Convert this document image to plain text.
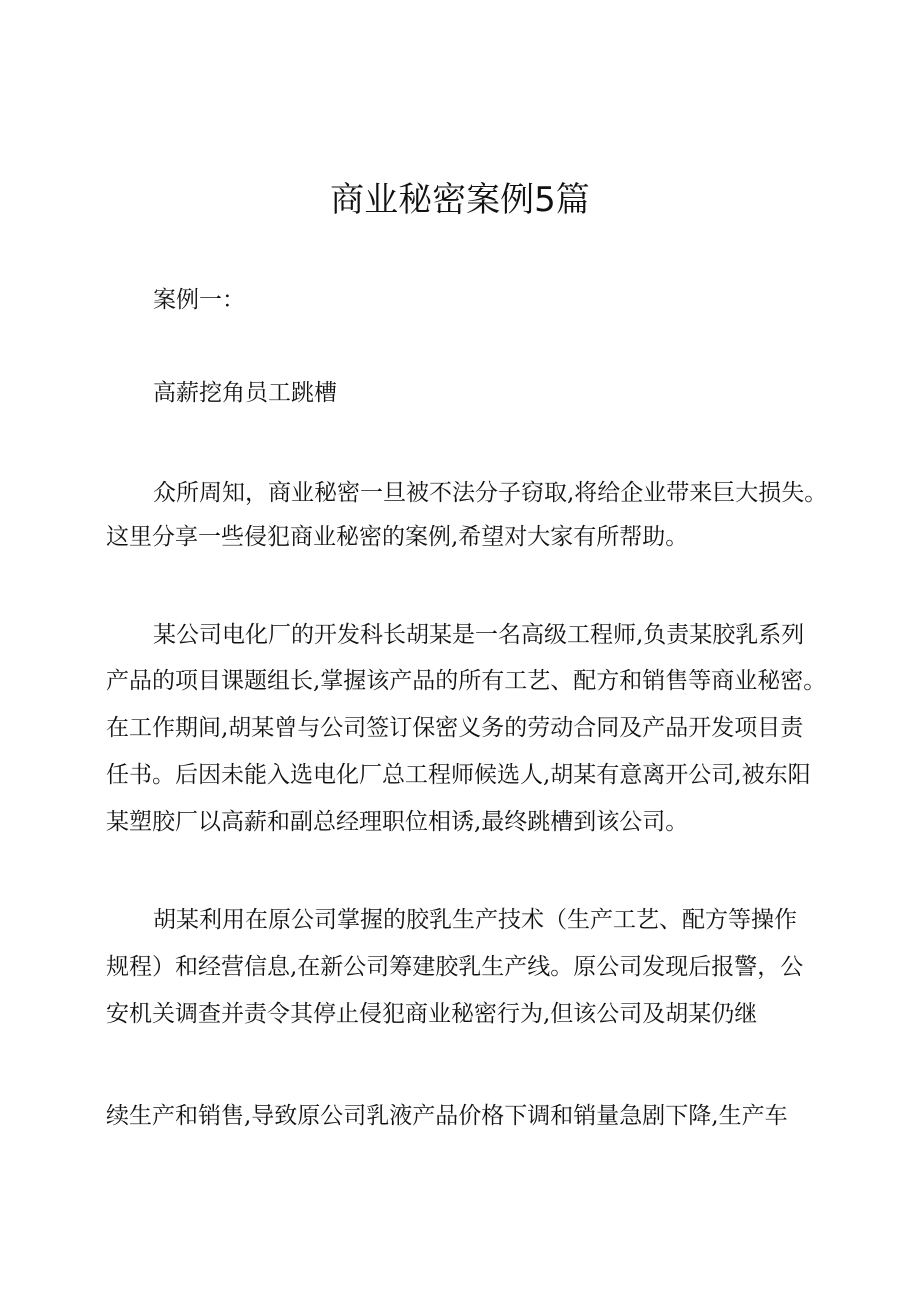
商业秘密案例5篇

案例一：

高薪挖角员工跳槽

众所周知，商业秘密一旦被不法分子窃取,将给企业带来巨大损失。

这里分享一些侵犯商业秘密的案例,希望对大家有所帮助。

某公司电化厂的开发科长胡某是一名高级工程师,负责某胶乳系列

产品的项目课题组长,掌握该产品的所有工艺、配方和销售等商业秘密。

在工作期间,胡某曾与公司签订保密义务的劳动合同及产品开发项目责

任书。后因未能入选电化厂总工程师候选人,胡某有意离开公司,被东阳

某塑胶厂以高薪和副总经理职位相诱,最终跳槽到该公司。

胡某利用在原公司掌握的胶乳生产技术（生产工艺、配方等操作

规程）和经营信息,在新公司筹建胶乳生产线。原公司发现后报警，公

安机关调查并责令其停止侵犯商业秘密行为,但该公司及胡某仍继

续生产和销售,导致原公司乳液产品价格下调和销量急剧下降,生产车
